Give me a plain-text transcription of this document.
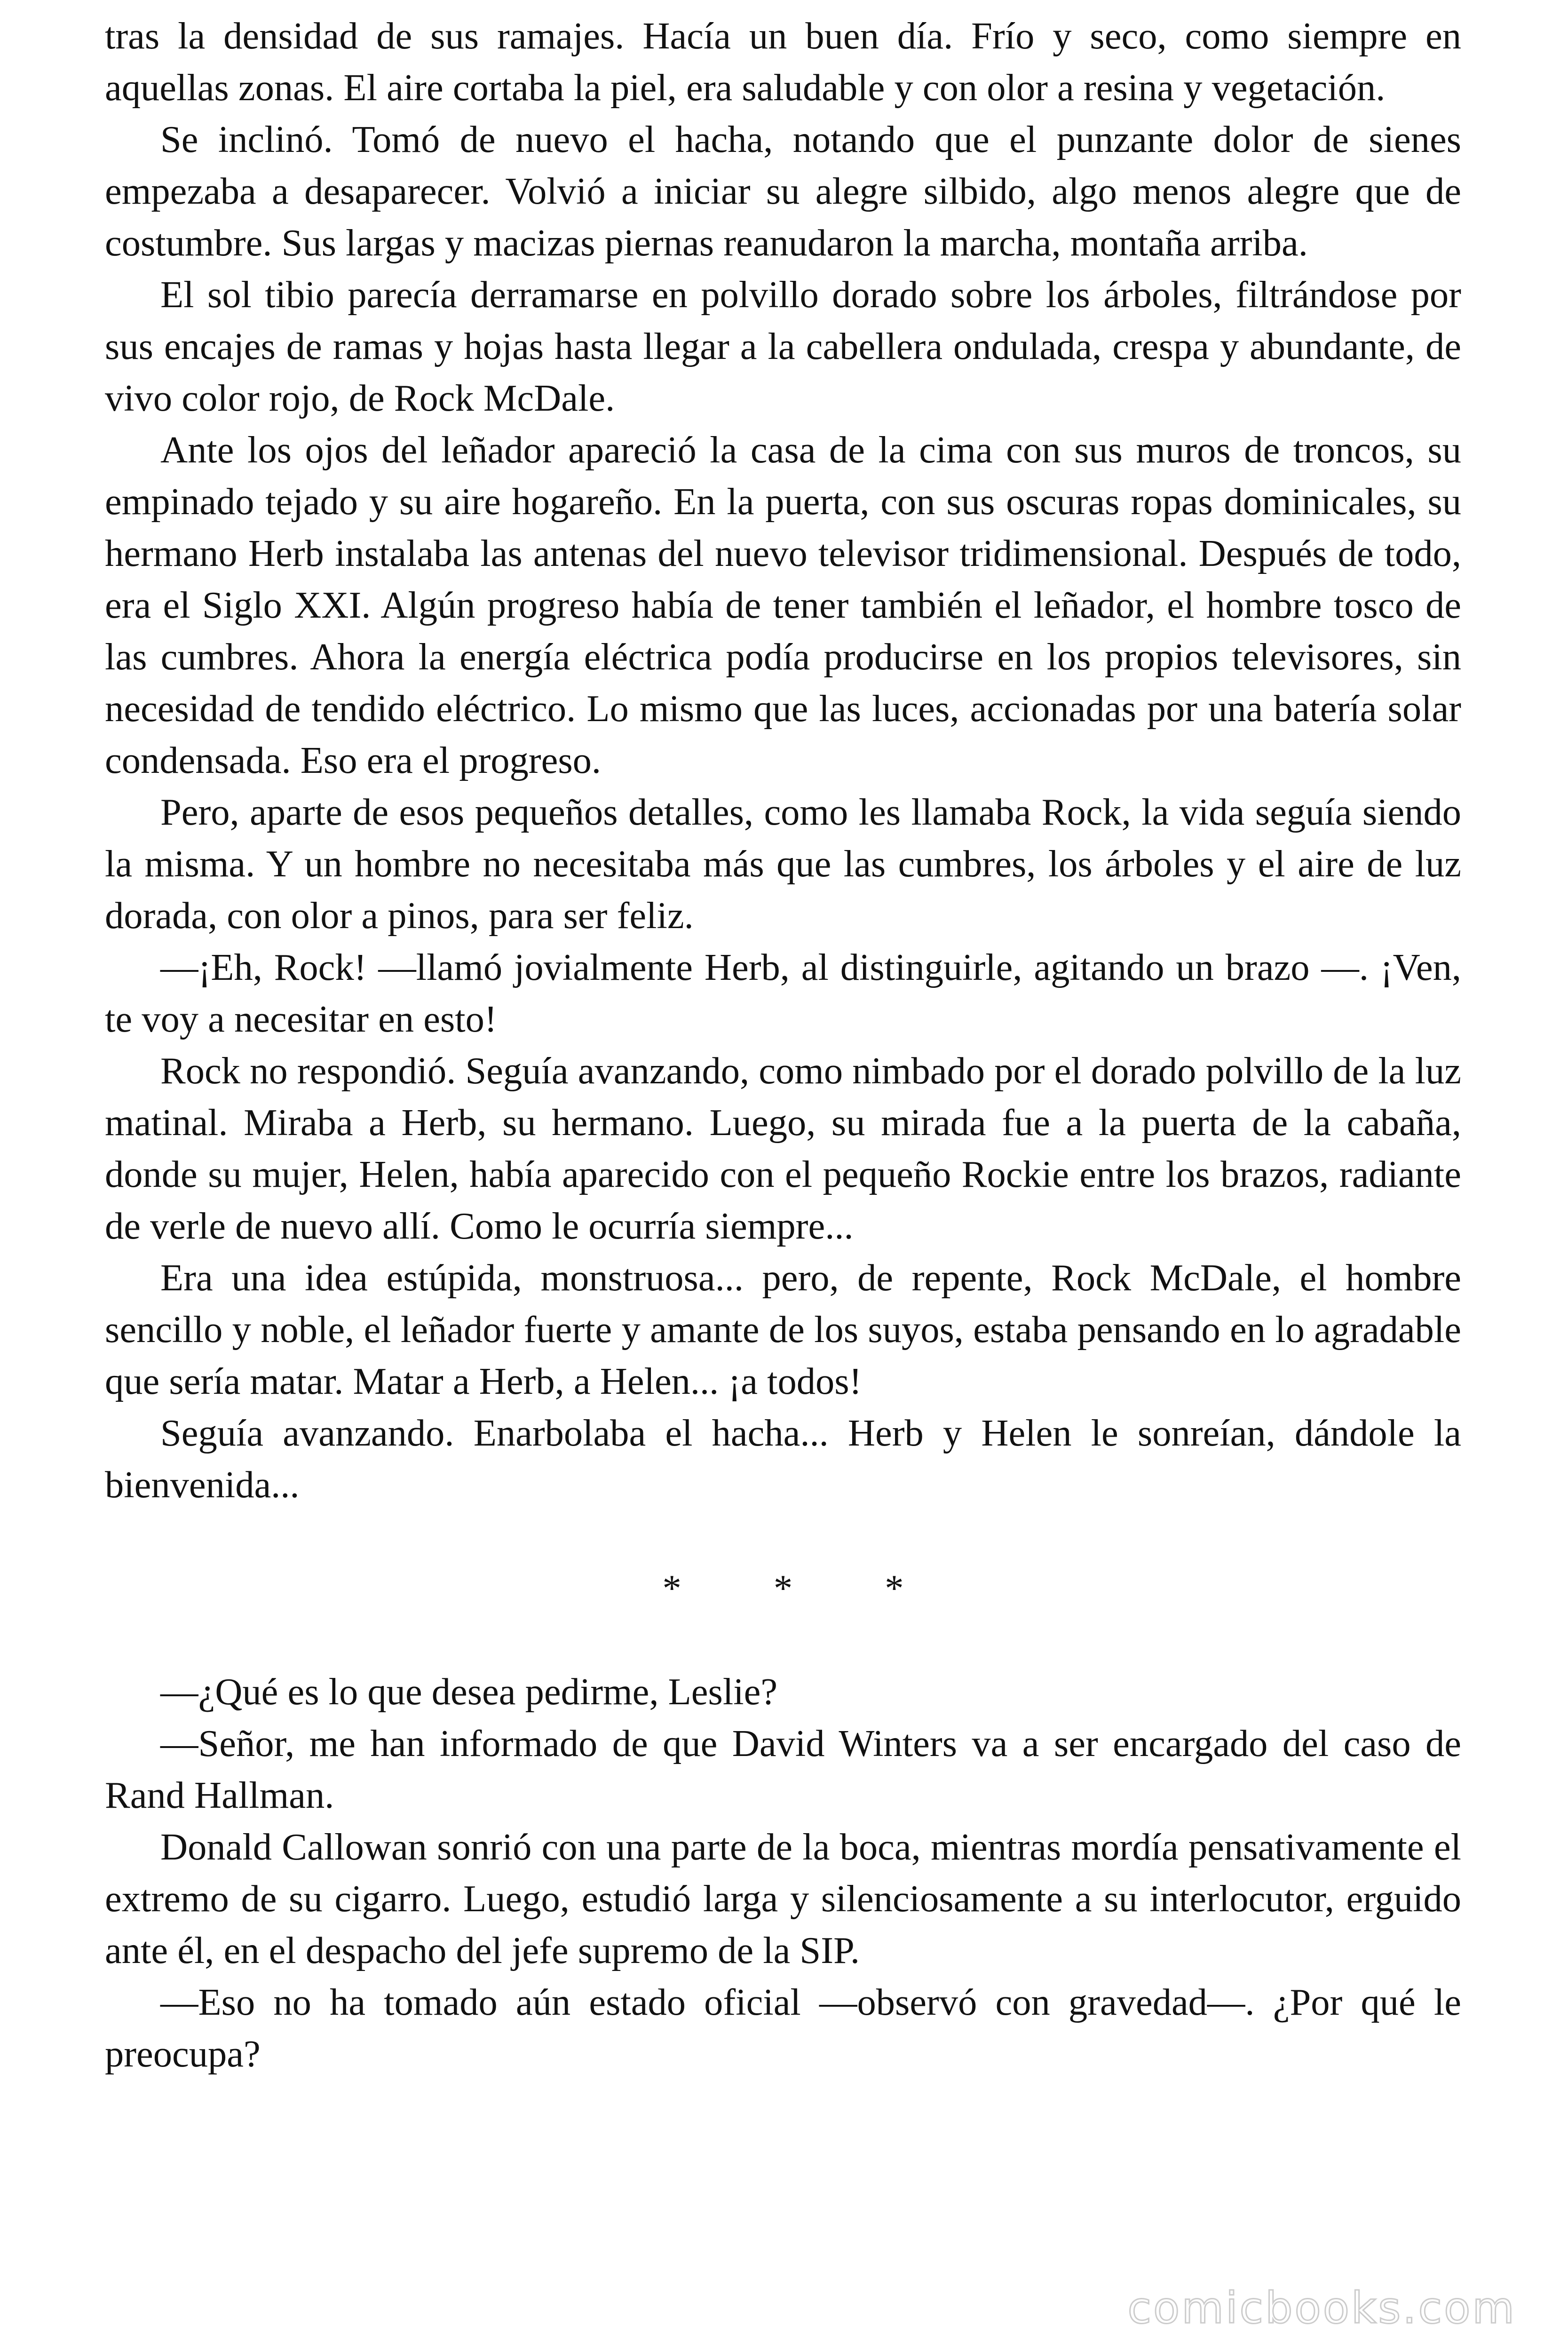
tras la densidad de sus ramajes. Hacía un buen día. Frío y seco, como siempre en aquellas zonas. El aire cortaba la piel, era saludable y con olor a resina y vegetación.

Se inclinó. Tomó de nuevo el hacha, notando que el punzante dolor de sienes empezaba a desaparecer. Volvió a iniciar su alegre silbido, algo menos alegre que de costumbre. Sus largas y macizas piernas reanudaron la marcha, montaña arriba.

El sol tibio parecía derramarse en polvillo dorado sobre los árboles, filtrándose por sus encajes de ramas y hojas hasta llegar a la cabellera ondulada, crespa y abundante, de vivo color rojo, de Rock McDale.

Ante los ojos del leñador apareció la casa de la cima con sus muros de troncos, su empinado tejado y su aire hogareño. En la puerta, con sus oscuras ropas dominicales, su hermano Herb instalaba las antenas del nuevo televisor tridimensional. Después de todo, era el Siglo XXI. Algún progreso había de tener también el leñador, el hombre tosco de las cumbres. Ahora la energía eléctrica podía producirse en los propios televisores, sin necesidad de tendido eléctrico. Lo mismo que las luces, accionadas por una batería solar condensada. Eso era el progreso.

Pero, aparte de esos pequeños detalles, como les llamaba Rock, la vida seguía siendo la misma. Y un hombre no necesitaba más que las cumbres, los árboles y el aire de luz dorada, con olor a pinos, para ser feliz.

—¡Eh, Rock! —llamó jovialmente Herb, al distinguirle, agitando un brazo —. ¡Ven, te voy a necesitar en esto!

Rock no respondió. Seguía avanzando, como nimbado por el dorado polvillo de la luz matinal. Miraba a Herb, su hermano. Luego, su mirada fue a la puerta de la cabaña, donde su mujer, Helen, había aparecido con el pequeño Rockie entre los brazos, radiante de verle de nuevo allí. Como le ocurría siempre...

Era una idea estúpida, monstruosa... pero, de repente, Rock McDale, el hombre sencillo y noble, el leñador fuerte y amante de los suyos, estaba pensando en lo agradable que sería matar. Matar a Herb, a Helen... ¡a todos!

Seguía avanzando. Enarbolaba el hacha... Herb y Helen le sonreían, dándole la bienvenida...

* * *

—¿Qué es lo que desea pedirme, Leslie?

—Señor, me han informado de que David Winters va a ser encargado del caso de Rand Hallman.

Donald Callowan sonrió con una parte de la boca, mientras mordía pensativamente el extremo de su cigarro. Luego, estudió larga y silenciosamente a su interlocutor, erguido ante él, en el despacho del jefe supremo de la SIP.

—Eso no ha tomado aún estado oficial —observó con gravedad—. ¿Por qué le preocupa?

comicbooks.com
